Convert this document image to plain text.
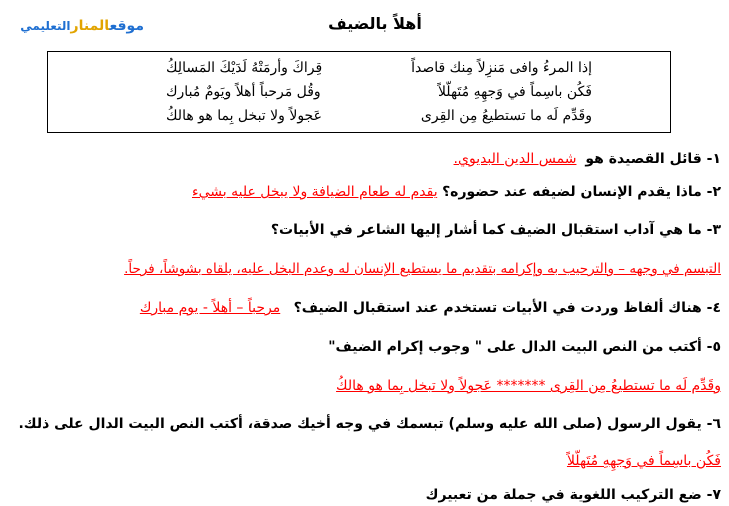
موقعالمنارالتعليمي	أهلاً بالضيف
إذا المرءُ وافى مَنزِلاً مِنك قاصداً
قِراكَ وأرمَتْهُ لَدَيْكَ المَسالِكُ
فَكُن باسِماً في وَجهِهِ مُتَهلّلاً
وقُل مَرحباً أهلاً ويَومٌ مُبارك
وقَدِّم لَه ما تستطيعُ مِن القِرى
عَجولاً ولا تبخل بِما هو هالكُ
١- قائل القصيدة هو  شمس الدين البديوي.
٢- ماذا يقدم الإنسان لضيفه عند حضوره؟ يقدم له طعام الضيافة ولا يبخل عليه بشيء
٣- ما هي آداب استقبال الضيف كما أشار إليها الشاعر في الأبيات؟
التبسم في وجهه – والترحيب به وإكرامه بتقديم ما يستطيع الإنسان له وعدم البخل عليه، يلقاه بشوشاً، فرحاً.
٤- هناك ألفاظ وردت في الأبيات تستخدم عند استقبال الضيف؟   مرحباً – أهلاً - يوم مبارك
٥- أكتب من النص البيت الدال على " وجوب إكرام الضيف"
وقَدِّم لَه ما تستطيعُ مِن القِرى ******* عَجولاً ولا تبخل بِما هو هالكُ
٦- يقول الرسول (صلى الله عليه وسلم) تبسمك في وجه أخيك صدقة، أكتب النص البيت الدال على ذلك.
فَكُن باسِماً في وَجهِهِ مُتَهلّلاً
٧- ضع التركيب اللغوية في جملة من تعبيرك
